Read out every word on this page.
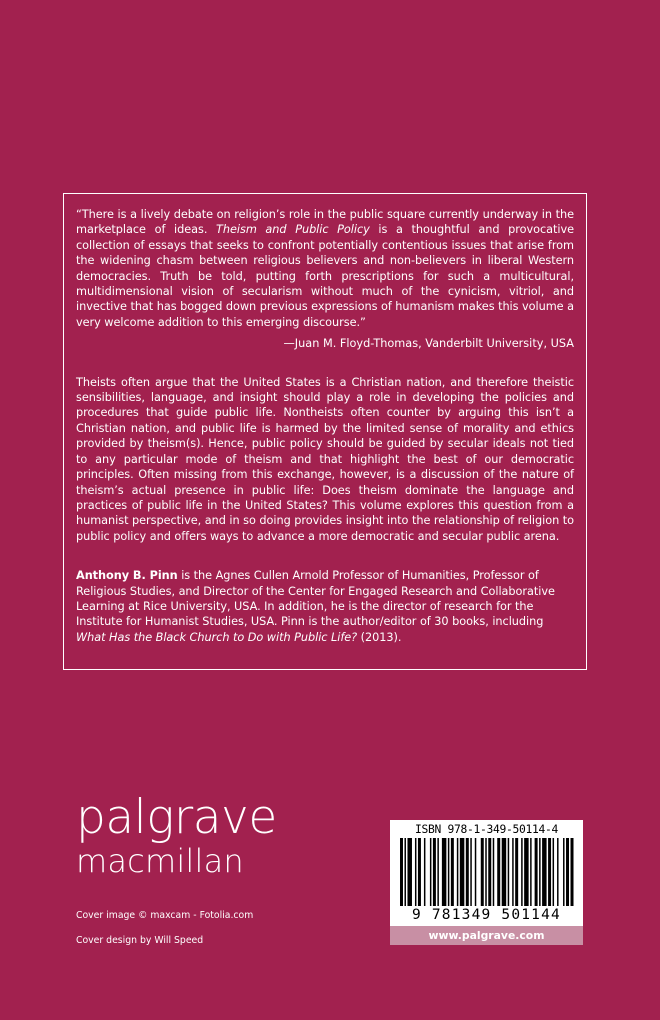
“There is a lively debate on religion’s role in the public square currently underway in the marketplace of ideas. Theism and Public Policy is a thoughtful and provocative collection of essays that seeks to confront potentially contentious issues that arise from the widening chasm between religious believers and non-believers in liberal Western democracies. Truth be told, putting forth prescriptions for such a multicultural, multidimensional vision of secularism without much of the cynicism, vitriol, and invective that has bogged down previous expressions of humanism makes this volume a very welcome addition to this emerging discourse.”

—Juan M. Floyd-Thomas, Vanderbilt University, USA

Theists often argue that the United States is a Christian nation, and therefore theistic sensibilities, language, and insight should play a role in developing the policies and procedures that guide public life. Nontheists often counter by arguing this isn’t a Christian nation, and public life is harmed by the limited sense of morality and ethics provided by theism(s). Hence, public policy should be guided by secular ideals not tied to any particular mode of theism and that highlight the best of our democratic principles. Often missing from this exchange, however, is a discussion of the nature of theism’s actual presence in public life: Does theism dominate the language and practices of public life in the United States? This volume explores this question from a humanist perspective, and in so doing provides insight into the relationship of religion to public policy and offers ways to advance a more democratic and secular public arena.

Anthony B. Pinn is the Agnes Cullen Arnold Professor of Humanities, Professor of Religious Studies, and Director of the Center for Engaged Research and Collaborative Learning at Rice University, USA. In addition, he is the director of research for the Institute for Humanist Studies, USA. Pinn is the author/editor of 30 books, including What Has the Black Church to Do with Public Life? (2013).

palgrave
macmillan
Cover image © maxcam - Fotolia.com
Cover design by Will Speed
ISBN 978-1-349-50114-4
9 781349 501144
www.palgrave.com
